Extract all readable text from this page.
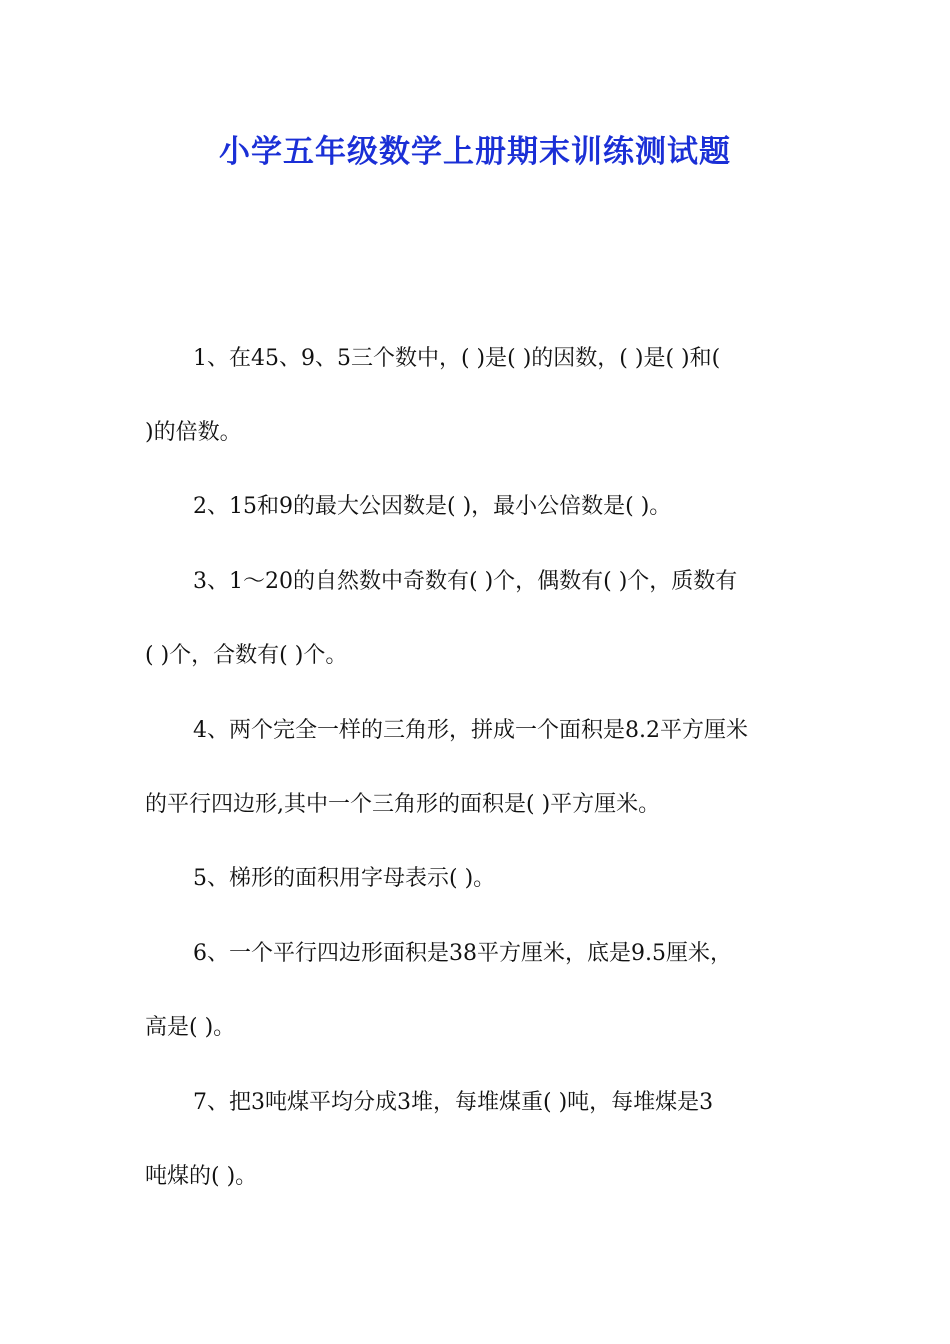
小学五年级数学上册期末训练测试题
1、在45、9、5三个数中，( )是( )的因数，( )是( )和(
)的倍数。
2、15和9的最大公因数是( )，最小公倍数是( )。
3、1～20的自然数中奇数有( )个，偶数有( )个，质数有
( )个，合数有( )个。
4、两个完全一样的三角形，拼成一个面积是8.2平方厘米
的平行四边形,其中一个三角形的面积是( )平方厘米。
5、梯形的面积用字母表示( )。
6、一个平行四边形面积是38平方厘米，底是9.5厘米，
高是( )。
7、把3吨煤平均分成3堆，每堆煤重( )吨，每堆煤是3
吨煤的( )。
